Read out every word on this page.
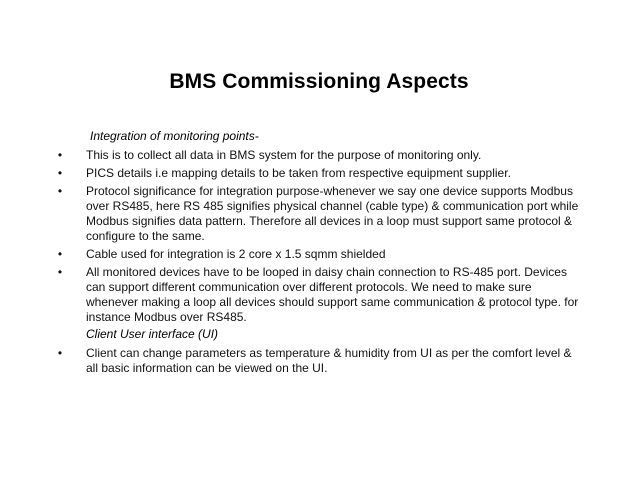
BMS Commissioning Aspects
Integration of monitoring points-
•	This is to collect all data in BMS system for the purpose of monitoring only.
•	PICS details i.e mapping details to be taken from respective equipment supplier.
•	Protocol significance for integration purpose-whenever we say one device supports Modbus over RS485, here RS 485 signifies physical channel (cable type) & communication port while Modbus signifies data pattern. Therefore all devices in a loop must support same protocol & configure to the same.
•	Cable used for integration is 2 core x 1.5 sqmm shielded
•	All monitored devices have to be looped in daisy chain connection to RS-485 port. Devices can support different communication over different protocols. We need to make sure whenever making a loop all devices should support same communication & protocol type. for instance Modbus over RS485.
Client User interface (UI)
•	Client can change parameters as temperature & humidity from UI as per the comfort level & all basic information can be viewed on the UI.
